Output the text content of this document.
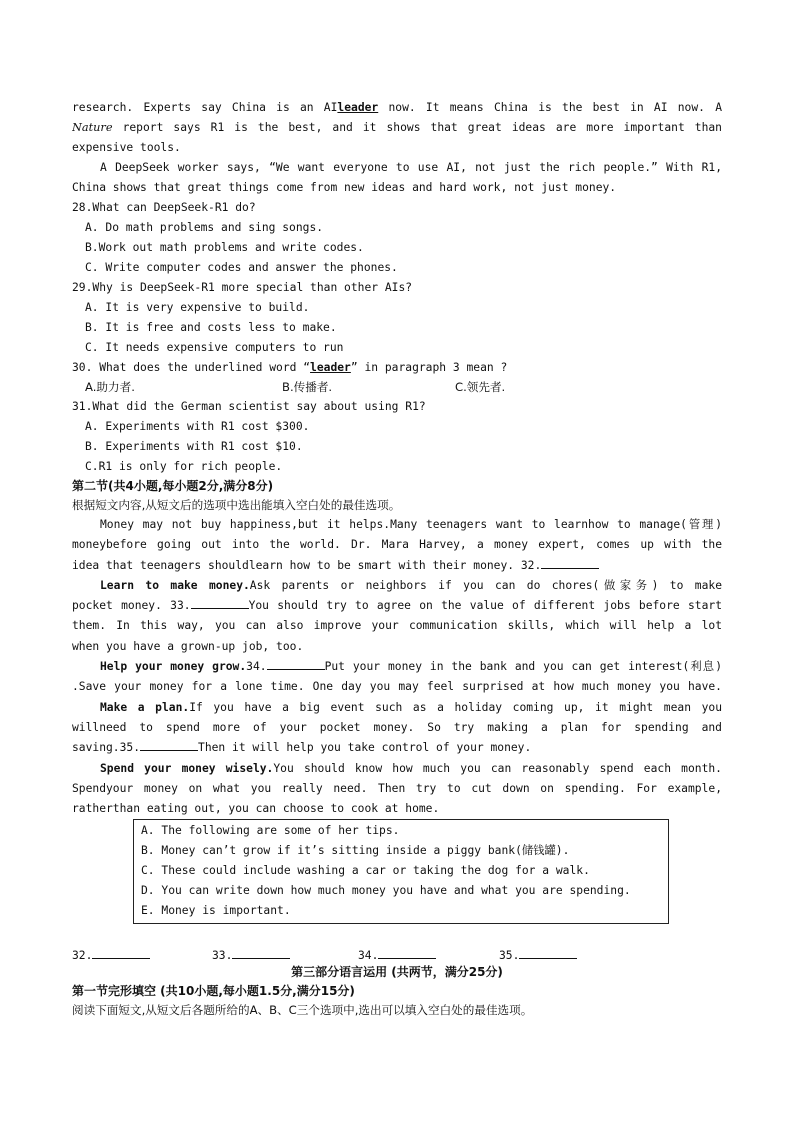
research. Experts say China is an AIleader now. It means China is the best in AI now. A
Nature report says R1 is the best, and it shows that great ideas are more important than
expensive tools.
A DeepSeek worker says, “We want everyone to use AI, not just the rich people.” With R1,
China shows that great things come from new ideas and hard work, not just money.
28.What can DeepSeek-R1 do?
A. Do math problems and sing songs.
B.Work out math problems and write codes.
C. Write computer codes and answer the phones.
29.Why is DeepSeek-R1 more special than other AIs?
A. It is very expensive to build.
B. It is free and costs less to make.
C. It needs expensive computers to run
30. What does the underlined word “leader” in paragraph 3 mean ?
A.助力者.	B.传播者.	C.领先者.
31.What did the German scientist say about using R1?
A. Experiments with R1 cost $300.
B. Experiments with R1 cost $10.
C.R1 is only for rich people.
第二节(共4小题,每小题2分,满分8分)
根据短文内容,从短文后的选项中选出能填入空白处的最佳选项。
Money may not buy happiness,but it helps.Many teenagers want to learnhow to manage(管理)
moneybefore going out into the world. Dr. Mara Harvey, a money expert, comes up with the
idea that teenagers shouldlearn how to be smart with their money. 32.
Learn to make money.Ask parents or neighbors if you can do chores(做家务) to make
pocket money. 33.	You should try to agree on the value of different jobs before start
them. In this way, you can also improve your communication skills, which will help a lot
when you have a grown-up job, too.
Help your money grow.34.	Put your money in the bank and you can get interest(利息)
.Save your money for a lone time. One day you may feel surprised at how much money you have.
Make a plan.If you have a big event such as a holiday coming up, it might mean you
willneed to spend more of your pocket money. So try making a plan for spending and
saving.35.	Then it will help you take control of your money.
Spend your money wisely.You should know how much you can reasonably spend each month.
Spendyour money on what you really need. Then try to cut down on spending. For example,
ratherthan eating out, you can choose to cook at home.
A. The following are some of her tips.
B. Money can’t grow if it’s sitting inside a piggy bank(储钱罐).
C. These could include washing a car or taking the dog for a walk.
D. You can write down how much money you have and what you are spending.
E. Money is important.
32.	33.	34.	35.
第三部分语言运用 (共两节，满分25分)
第一节完形填空 (共10小题,每小题1.5分,满分15分)
阅读下面短文,从短文后各题所给的A、B、C三个选项中,选出可以填入空白处的最佳选项。
